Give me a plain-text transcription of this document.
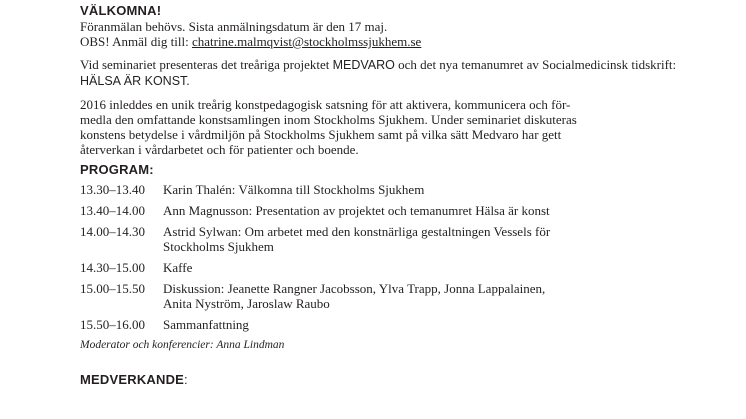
VÄLKOMNA!

Föranmälan behövs. Sista anmälningsdatum är den 17 maj.

OBS! Anmäl dig till: chatrine.malmqvist@stockholmssjukhem.se

Vid seminariet presenteras det treåriga projektet MEDVARO och det nya temanumret av Socialmedicinsk tidskrift: HÄLSA ÄR KONST.

2016 inleddes en unik treårig konstpedagogisk satsning för att aktivera, kommunicera och för-

medla den omfattande konstsamlingen inom Stockholms Sjukhem. Under seminariet diskuteras

konstens betydelse i vårdmiljön på Stockholms Sjukhem samt på vilka sätt Medvaro har gett

återverkan i vårdarbetet och för patienter och boende.

PROGRAM:
13.30–13.40	Karin Thalén: Välkomna till Stockholms Sjukhem
13.40–14.00	Ann Magnusson: Presentation av projektet och temanumret Hälsa är konst
14.00–14.30	Astrid Sylwan: Om arbetet med den konstnärliga gestaltningen Vessels för
Stockholms Sjukhem
14.30–15.00	Kaffe
15.00–15.50	Diskussion: Jeanette Rangner Jacobsson, Ylva Trapp, Jonna Lappalainen,
Anita Nyström, Jaroslaw Raubo
15.50–16.00	Sammanfattning
Moderator och konferencier: Anna Lindman
MEDVERKANDE:
